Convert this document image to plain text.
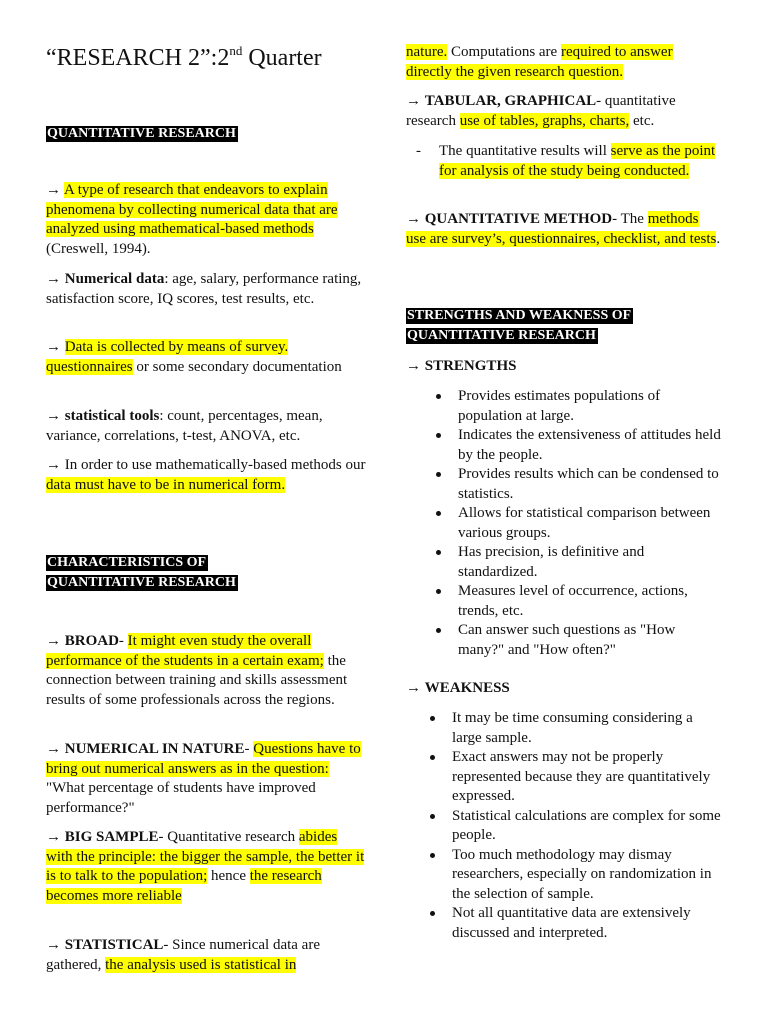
“RESEARCH 2”:2nd Quarter
QUANTITATIVE RESEARCH

→ A type of research that endeavors to explain phenomena by collecting numerical data that are analyzed using mathematical-based methods (Creswell, 1994).

→ Numerical data: age, salary, performance rating, satisfaction score, IQ scores, test results, etc.

→ Data is collected by means of survey. questionnaires or some secondary documentation

→ statistical tools: count, percentages, mean, variance, correlations, t-test, ANOVA, etc.

→ In order to use mathematically-based methods our data must have to be in numerical form.

CHARACTERISTICS OF
QUANTITATIVE RESEARCH

→ BROAD- It might even study the overall performance of the students in a certain exam; the connection between training and skills assessment results of some professionals across the regions.

→ NUMERICAL IN NATURE- Questions have to bring out numerical answers as in the question: "What percentage of students have improved performance?"

→ BIG SAMPLE- Quantitative research abides with the principle: the bigger the sample, the better it is to talk to the population; hence the research becomes more reliable

→ STATISTICAL- Since numerical data are gathered, the analysis used is statistical in

nature. Computations are required to answer directly the given research question.

→ TABULAR, GRAPHICAL- quantitative research use of tables, graphs, charts, etc.

- The quantitative results will serve as the point for analysis of the study being conducted.

→ QUANTITATIVE METHOD- The methods use are survey’s, questionnaires, checklist, and tests.

STRENGTHS AND WEAKNESS OF
QUANTITATIVE RESEARCH

→ STRENGTHS

Provides estimates populations of population at large.
Indicates the extensiveness of attitudes held by the people.
Provides results which can be condensed to statistics.
Allows for statistical comparison between various groups.
Has precision, is definitive and standardized.
Measures level of occurrence, actions, trends, etc.
Can answer such questions as "How many?" and "How often?"

→ WEAKNESS

It may be time consuming considering a large sample.
Exact answers may not be properly represented because they are quantitatively expressed.
Statistical calculations are complex for some people.
Too much methodology may dismay researchers, especially on randomization in the selection of sample.
Not all quantitative data are extensively discussed and interpreted.
